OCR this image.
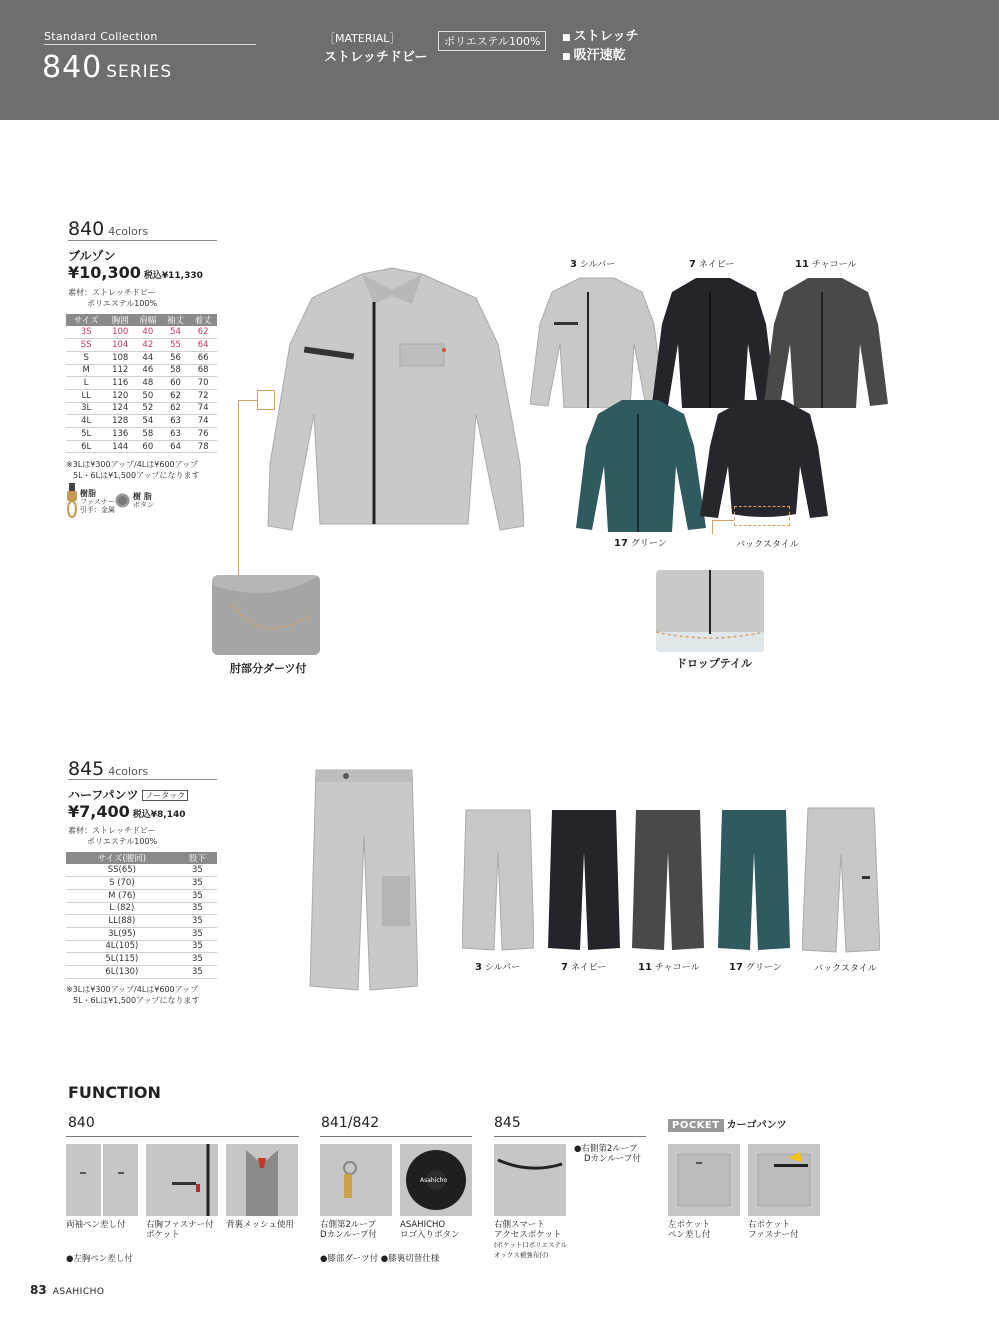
Standard Collection
840 SERIES
［MATERIAL］
ストレッチドビー
ポリエステル100%	■ ストレッチ
■ 吸汗速乾
840 4colors
ブルゾン
¥10,300 税込¥11,330
素材：ストレッチドビー
ポリエステル100%
サイズ	胸囲	肩幅	袖丈	着丈
3S	100	40	54	62
SS	104	42	55	64
S	108	44	56	66
M	112	46	58	68
L	116	48	60	70
LL	120	50	62	72
3L	124	52	62	74
4L	128	54	63	74
5L	136	58	63	76
6L	144	60	64	78
※3Lは¥300アップ/4Lは¥600アップ
5L・6Lは¥1,500アップになります
樹脂
ファスナー
引手：金属
樹 脂
ボタン
肘部分ダーツ付
3 シルバー	7 ネイビー	11 チャコール
17 グリーン	バックスタイル
ドロップテイル
845 4colors
ハーフパンツ ノータック
¥7,400 税込¥8,140
素材：ストレッチドビー
ポリエステル100%
サイズ(腰回)	股下
SS(65)	35
S (70)	35
M (76)	35
L (82)	35
LL(88)	35
3L(95)	35
4L(105)	35
5L(115)	35
6L(130)	35
※3Lは¥300アップ/4Lは¥600アップ
5L・6Lは¥1,500アップになります
3 シルバー	7 ネイビー	11 チャコール	17 グリーン	バックスタイル
FUNCTION
840
両袖ペン差し付 右胸ファスナー付
ポケット
背裏メッシュ使用
●左胸ペン差し付
841/842
Asahicho
右側第2ループ
Dカンループ付
ASAHICHO
ロゴ入りボタン
●膝部ダーツ付 ●膝裏切替仕様
845
●右側第2ループ
Dカンループ付
右側スマート
アクセスポケット
(ポケット口ポリエステル
オックス補強布付)
POCKET カーゴパンツ
左ポケット
ペン差し付
右ポケット
ファスナー付
83 ASAHICHO
